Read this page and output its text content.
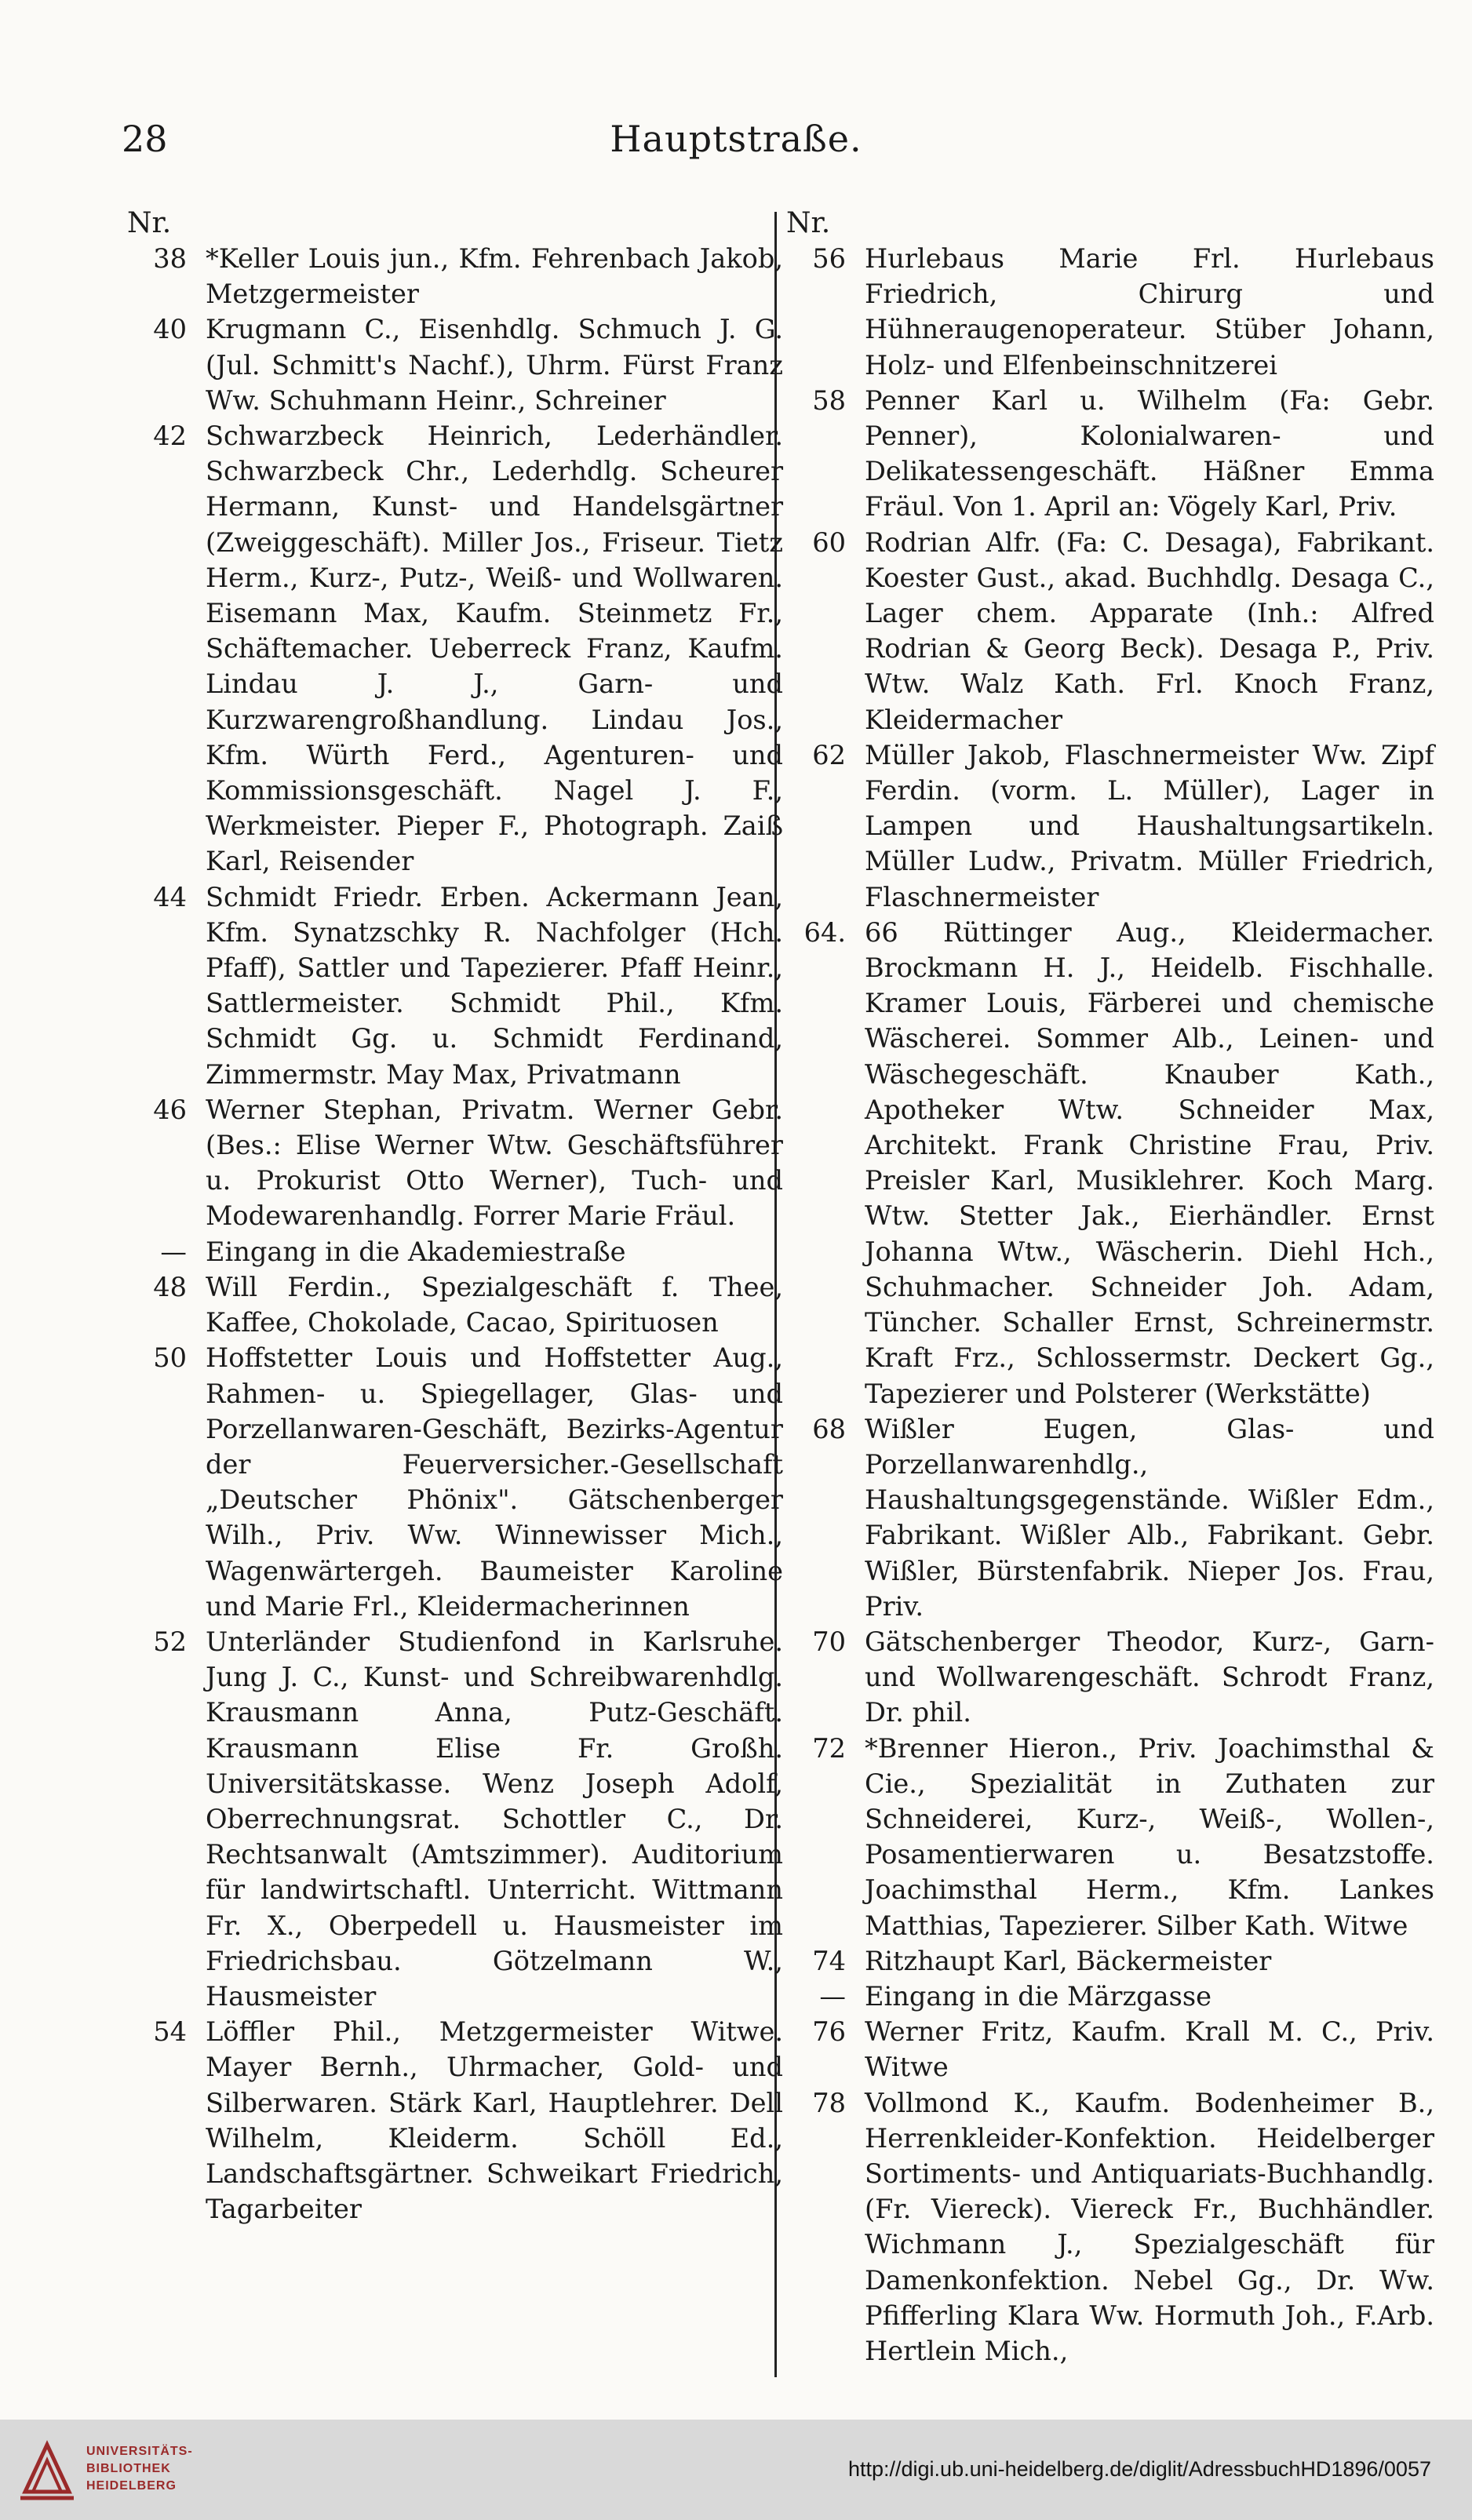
28	Hauptstraße.
Nr.
38 *Keller Louis jun., Kfm. Fehrenbach Jakob, Metzgermeister
40 Krugmann C., Eisenhdlg. Schmuch J. G. (Jul. Schmitt's Nachf.), Uhrm. Fürst Franz Ww. Schuhmann Heinr., Schreiner
42 Schwarzbeck Heinrich, Lederhändler. Schwarzbeck Chr., Lederhdlg. Scheurer Hermann, Kunst- und Handelsgärtner (Zweiggeschäft). Miller Jos., Friseur. Tietz Herm., Kurz-, Putz-, Weiß- und Wollwaren. Eisemann Max, Kaufm. Steinmetz Fr., Schäftemacher. Ueberreck Franz, Kaufm. Lindau J. J., Garn- und Kurzwarengroßhandlung. Lindau Jos., Kfm. Würth Ferd., Agenturen- und Kommissionsgeschäft. Nagel J. F., Werkmeister. Pieper F., Photograph. Zaiß Karl, Reisender
44 Schmidt Friedr. Erben. Ackermann Jean, Kfm. Synatzschky R. Nachfolger (Hch. Pfaff), Sattler und Tapezierer. Pfaff Heinr., Sattlermeister. Schmidt Phil., Kfm. Schmidt Gg. u. Schmidt Ferdinand, Zimmermstr. May Max, Privatmann
46 Werner Stephan, Privatm. Werner Gebr. (Bes.: Elise Werner Wtw. Geschäftsführer u. Prokurist Otto Werner), Tuch- und Modewarenhandlg. Forrer Marie Fräul.
— Eingang in die Akademiestraße
48 Will Ferdin., Spezialgeschäft f. Thee, Kaffee, Chokolade, Cacao, Spirituosen
50 Hoffstetter Louis und Hoffstetter Aug., Rahmen- u. Spiegellager, Glas- und Porzellanwaren-Geschäft, Bezirks-Agentur der Feuerversicher.-Gesellschaft „Deutscher Phönix". Gätschenberger Wilh., Priv. Ww. Winnewisser Mich., Wagenwärtergeh. Baumeister Karoline und Marie Frl., Kleidermacherinnen
52 Unterländer Studienfond in Karlsruhe. Jung J. C., Kunst- und Schreibwarenhdlg. Krausmann Anna, Putz-Geschäft. Krausmann Elise Fr. Großh. Universitätskasse. Wenz Joseph Adolf, Oberrechnungsrat. Schottler C., Dr. Rechtsanwalt (Amtszimmer). Auditorium für landwirtschaftl. Unterricht. Wittmann Fr. X., Oberpedell u. Hausmeister im Friedrichsbau. Götzelmann W., Hausmeister
54 Löffler Phil., Metzgermeister Witwe. Mayer Bernh., Uhrmacher, Gold- und Silberwaren. Stärk Karl, Hauptlehrer. Dell Wilhelm, Kleiderm. Schöll Ed., Landschaftsgärtner. Schweikart Friedrich, Tagarbeiter
Nr.
56 Hurlebaus Marie Frl. Hurlebaus Friedrich, Chirurg und Hühneraugenoperateur. Stüber Johann, Holz- und Elfenbeinschnitzerei
58 Penner Karl u. Wilhelm (Fa: Gebr. Penner), Kolonialwaren- und Delikatessengeschäft. Häßner Emma Fräul. Von 1. April an: Vögely Karl, Priv.
60 Rodrian Alfr. (Fa: C. Desaga), Fabrikant. Koester Gust., akad. Buchhdlg. Desaga C., Lager chem. Apparate (Inh.: Alfred Rodrian & Georg Beck). Desaga P., Priv. Wtw. Walz Kath. Frl. Knoch Franz, Kleidermacher
62 Müller Jakob, Flaschnermeister Ww. Zipf Ferdin. (vorm. L. Müller), Lager in Lampen und Haushaltungsartikeln. Müller Ludw., Privatm. Müller Friedrich, Flaschnermeister
64. 66 Rüttinger Aug., Kleidermacher. Brockmann H. J., Heidelb. Fischhalle. Kramer Louis, Färberei und chemische Wäscherei. Sommer Alb., Leinen- und Wäschegeschäft. Knauber Kath., Apotheker Wtw. Schneider Max, Architekt. Frank Christine Frau, Priv. Preisler Karl, Musiklehrer. Koch Marg. Wtw. Stetter Jak., Eierhändler. Ernst Johanna Wtw., Wäscherin. Diehl Hch., Schuhmacher. Schneider Joh. Adam, Tüncher. Schaller Ernst, Schreinermstr. Kraft Frz., Schlossermstr. Deckert Gg., Tapezierer und Polsterer (Werkstätte)
68 Wißler Eugen, Glas- und Porzellanwarenhdlg., Haushaltungsgegenstände. Wißler Edm., Fabrikant. Wißler Alb., Fabrikant. Gebr. Wißler, Bürstenfabrik. Nieper Jos. Frau, Priv.
70 Gätschenberger Theodor, Kurz-, Garn- und Wollwarengeschäft. Schrodt Franz, Dr. phil.
72 *Brenner Hieron., Priv. Joachimsthal & Cie., Spezialität in Zuthaten zur Schneiderei, Kurz-, Weiß-, Wollen-, Posamentierwaren u. Besatzstoffe. Joachimsthal Herm., Kfm. Lankes Matthias, Tapezierer. Silber Kath. Witwe
74 Ritzhaupt Karl, Bäckermeister
— Eingang in die Märzgasse
76 Werner Fritz, Kaufm. Krall M. C., Priv. Witwe
78 Vollmond K., Kaufm. Bodenheimer B., Herrenkleider-Konfektion. Heidelberger Sortiments- und Antiquariats-Buchhandlg. (Fr. Viereck). Viereck Fr., Buchhändler. Wichmann J., Spezialgeschäft für Damenkonfektion. Nebel Gg., Dr. Ww. Pfifferling Klara Ww. Hormuth Joh., F.Arb. Hertlein Mich.,
UNIVERSITÄTS-
BIBLIOTHEK
HEIDELBERG
http://digi.ub.uni-heidelberg.de/diglit/AdressbuchHD1896/0057
